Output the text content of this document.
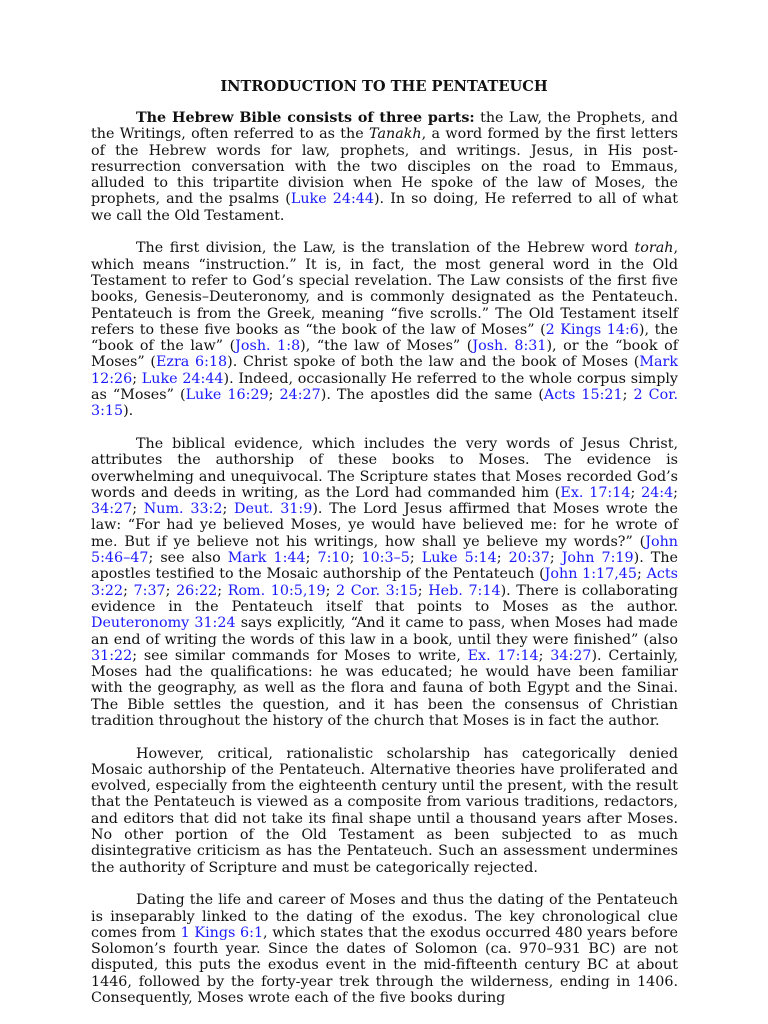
INTRODUCTION TO THE PENTATEUCH

The Hebrew Bible consists of three parts: the Law, the Prophets, and the Writings, often referred to as the Tanakh, a word formed by the first letters of the Hebrew words for law, prophets, and writings. Jesus, in His post-resurrection conversation with the two disciples on the road to Emmaus, alluded to this tripartite division when He spoke of the law of Moses, the prophets, and the psalms (Luke 24:44). In so doing, He referred to all of what we call the Old Testament.

The first division, the Law, is the translation of the Hebrew word torah, which means “instruction.” It is, in fact, the most general word in the Old Testament to refer to God’s special revelation. The Law consists of the first five books, Genesis–Deuteronomy, and is commonly designated as the Pentateuch. Pentateuch is from the Greek, meaning “five scrolls.” The Old Testament itself refers to these five books as “the book of the law of Moses” (2 Kings 14:6), the “book of the law” (Josh. 1:8), “the law of Moses” (Josh. 8:31), or the “book of Moses” (Ezra 6:18). Christ spoke of both the law and the book of Moses (Mark 12:26; Luke 24:44). Indeed, occasionally He referred to the whole corpus simply as “Moses” (Luke 16:29; 24:27). The apostles did the same (Acts 15:21; 2 Cor. 3:15).

The biblical evidence, which includes the very words of Jesus Christ, attributes the authorship of these books to Moses. The evidence is overwhelming and unequivocal. The Scripture states that Moses recorded God’s words and deeds in writing, as the Lord had commanded him (Ex. 17:14; 24:4; 34:27; Num. 33:2; Deut. 31:9). The Lord Jesus affirmed that Moses wrote the law: “For had ye believed Moses, ye would have believed me: for he wrote of me. But if ye believe not his writings, how shall ye believe my words?” (John 5:46–47; see also Mark 1:44; 7:10; 10:3–5; Luke 5:14; 20:37; John 7:19). The apostles testified to the Mosaic authorship of the Pentateuch (John 1:17,45; Acts 3:22; 7:37; 26:22; Rom. 10:5,19; 2 Cor. 3:15; Heb. 7:14). There is collaborating evidence in the Pentateuch itself that points to Moses as the author. Deuteronomy 31:24 says explicitly, “And it came to pass, when Moses had made an end of writing the words of this law in a book, until they were finished” (also 31:22; see similar commands for Moses to write, Ex. 17:14; 34:27). Certainly, Moses had the qualifications: he was educated; he would have been familiar with the geography, as well as the flora and fauna of both Egypt and the Sinai. The Bible settles the question, and it has been the consensus of Christian tradition throughout the history of the church that Moses is in fact the author.

However, critical, rationalistic scholarship has categorically denied Mosaic authorship of the Pentateuch. Alternative theories have proliferated and evolved, especially from the eighteenth century until the present, with the result that the Pentateuch is viewed as a composite from various traditions, redactors, and editors that did not take its final shape until a thousand years after Moses. No other portion of the Old Testament as been subjected to as much disintegrative criticism as has the Pentateuch. Such an assessment undermines the authority of Scripture and must be categorically rejected.

Dating the life and career of Moses and thus the dating of the Pentateuch is inseparably linked to the dating of the exodus. The key chronological clue comes from 1 Kings 6:1, which states that the exodus occurred 480 years before Solomon’s fourth year. Since the dates of Solomon (ca. 970–931 BC) are not disputed, this puts the exodus event in the mid-fifteenth century BC at about 1446, followed by the forty-year trek through the wilderness, ending in 1406. Consequently, Moses wrote each of the five books during
